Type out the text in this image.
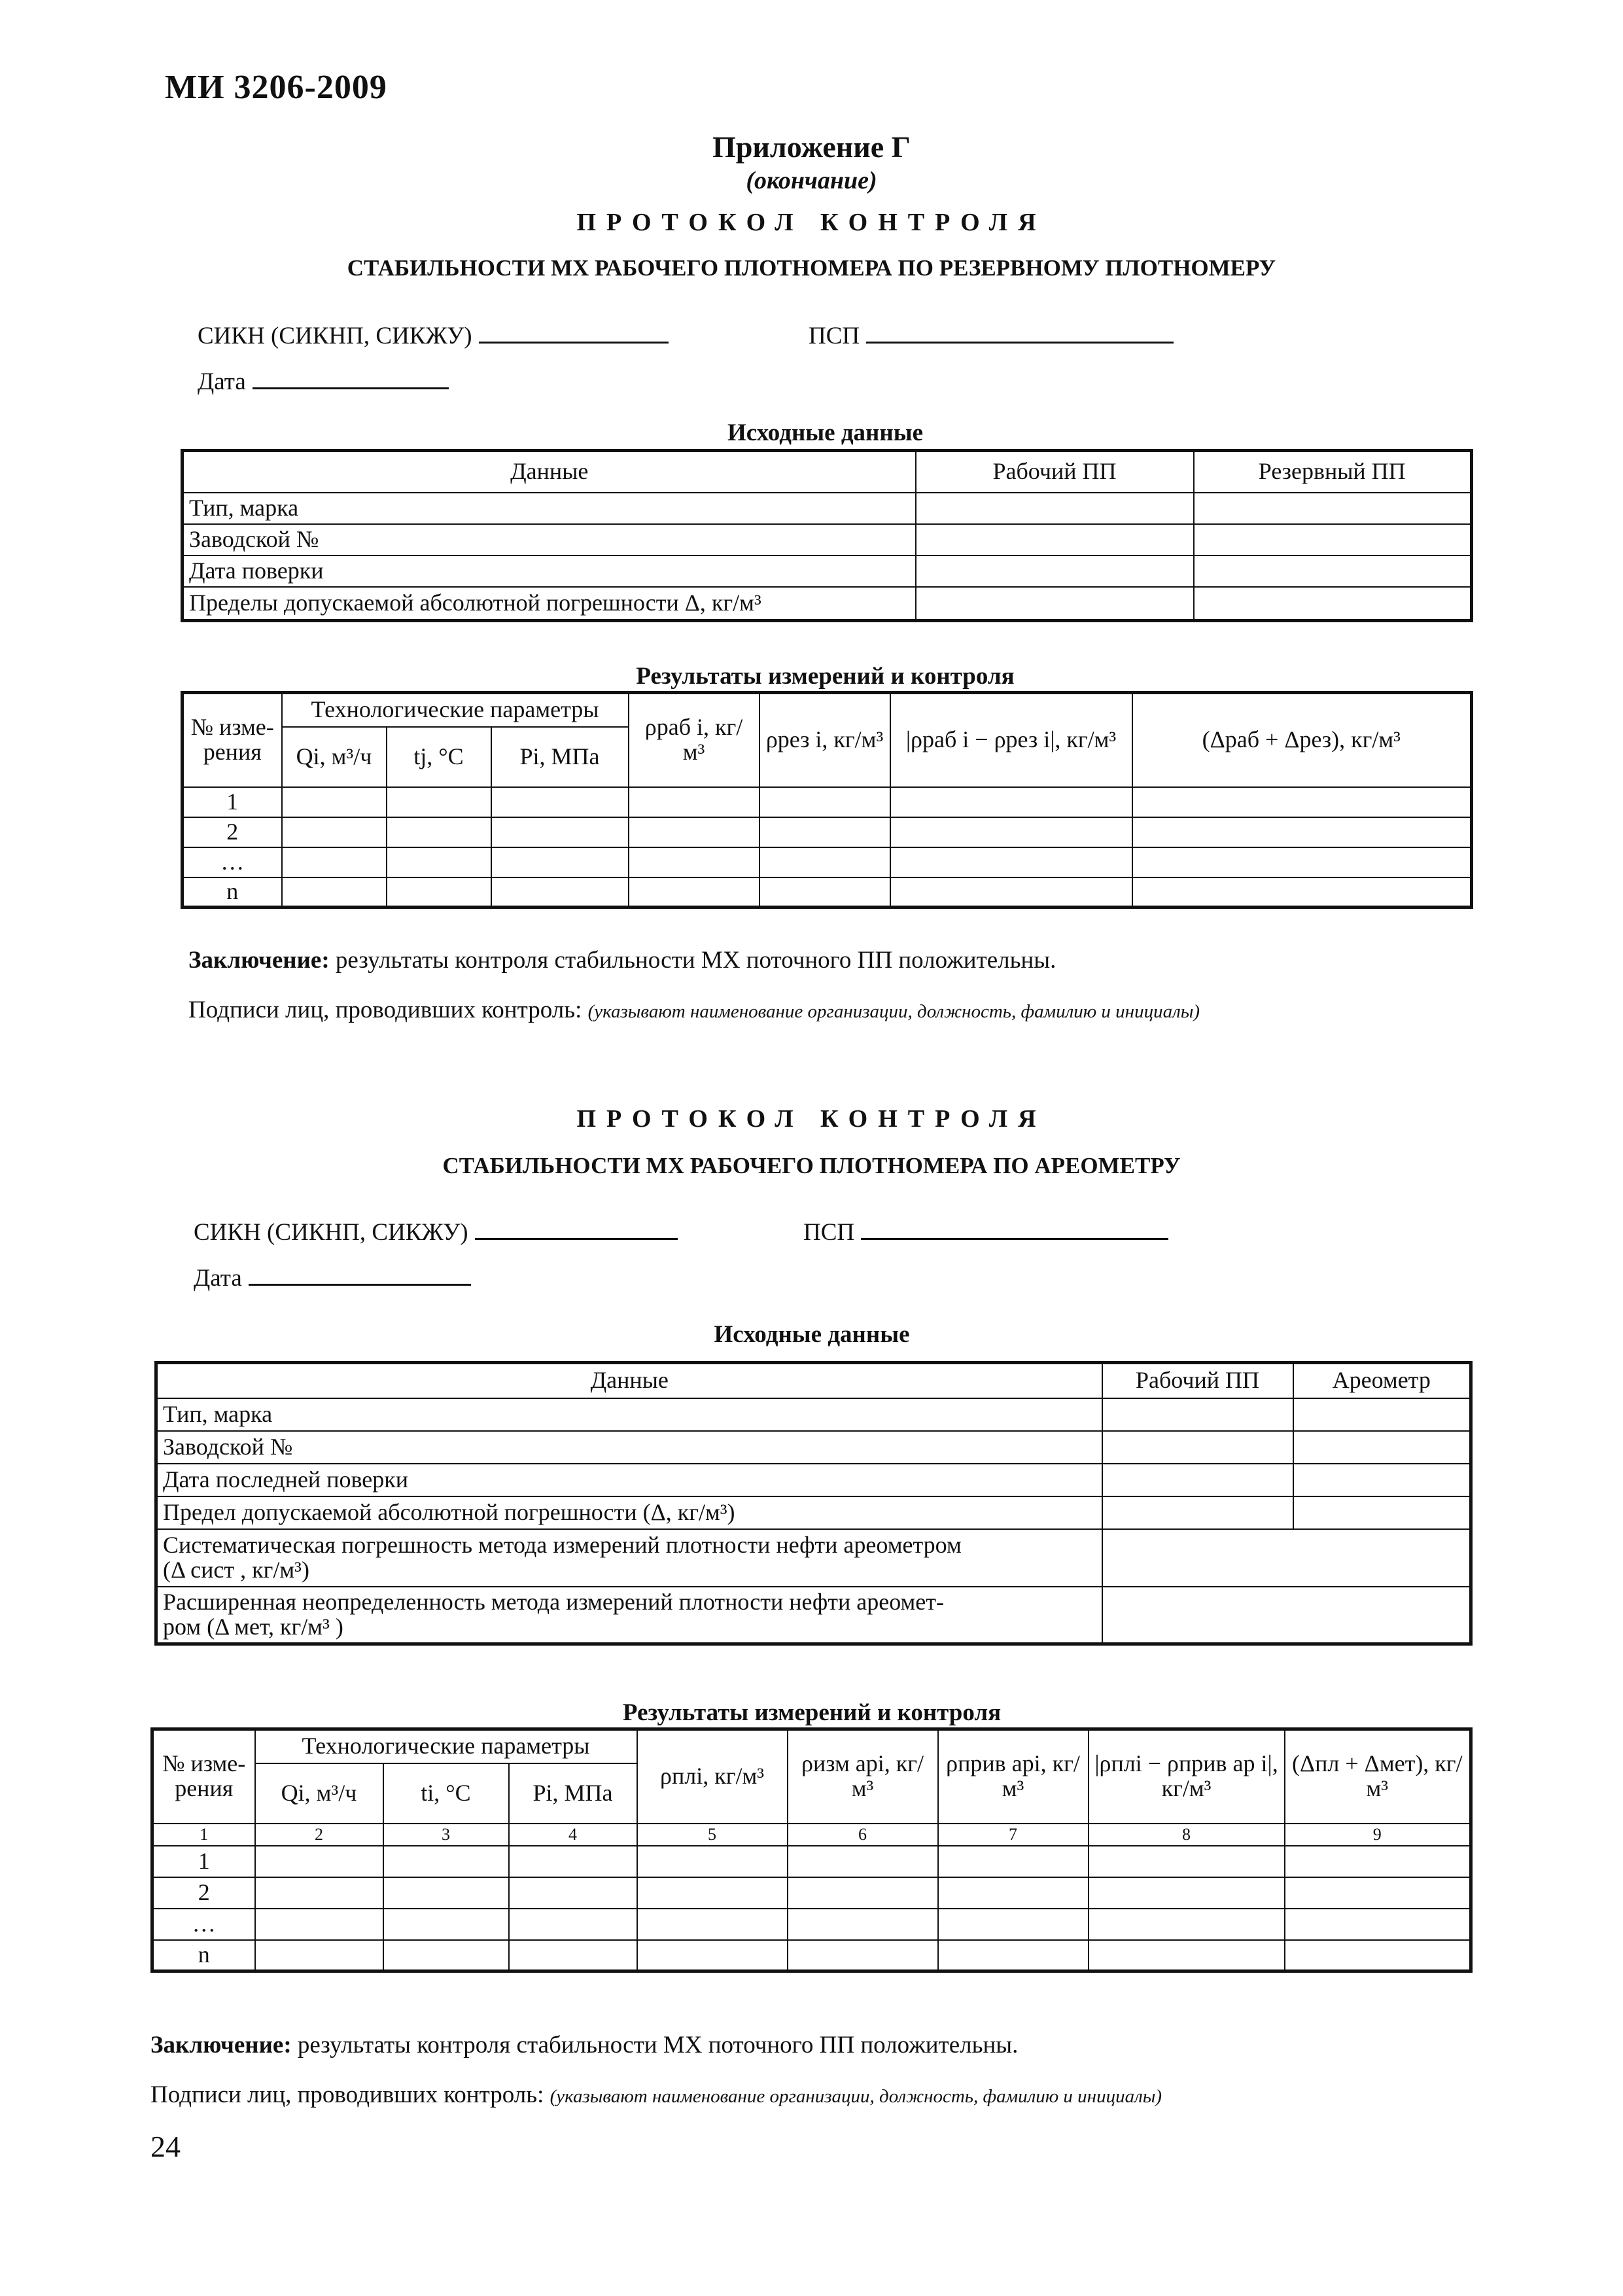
МИ 3206-2009
Приложение Г
(окончание)
ПРОТОКОЛ КОНТРОЛЯ
СТАБИЛЬНОСТИ МХ РАБОЧЕГО ПЛОТНОМЕРА ПО РЕЗЕРВНОМУ ПЛОТНОМЕРУ
СИКН (СИКНП, СИКЖУ)	ПСП
Дата
Исходные данные
Данные	Рабочий ПП	Резервный ПП
Тип, марка		
Заводской №		
Дата поверки		
Пределы допускаемой абсолютной погрешности Δ, кг/м³		
Результаты измерений и контроля
№ изме-рения	Технологические параметры			ρраб i, кг/м³	ρрез i, кг/м³	|ρраб i − ρрез i|, кг/м³	(Δраб + Δрез), кг/м³
	Qi, м³/ч	tj, °C	Pi, МПа				
1							
2							
…							
n							
Заключение: результаты контроля стабильности МХ поточного ПП положительны.
Подписи лиц, проводивших контроль: (указывают наименование организации, должность, фамилию и инициалы)
ПРОТОКОЛ КОНТРОЛЯ
СТАБИЛЬНОСТИ МХ РАБОЧЕГО ПЛОТНОМЕРА ПО АРЕОМЕТРУ
СИКН (СИКНП, СИКЖУ)	ПСП
Дата
Исходные данные
Данные	Рабочий ПП	Ареометр
Тип, марка		
Заводской №		
Дата последней поверки		
Предел допускаемой абсолютной погрешности (Δ, кг/м³)		

Систематическая погрешность метода измерений плотности нефти ареометром
(Δ сист , кг/м³)		

Расширенная неопределенность метода измерений плотности нефти ареомет-
ром (Δ мет, кг/м³ )		

Результаты измерений и контроля
№ изме-рения	Технологические параметры			ρплi, кг/м³	ρизм арi, кг/м³	ρприв арi, кг/м³	|ρплi − ρприв ар i|, кг/м³	(Δпл + Δмет), кг/м³
	Qi, м³/ч	ti, °C	Pi, МПа					
1	2	3	4	5	6	7	8	9
1								
2								
…								
n								
Заключение: результаты контроля стабильности МХ поточного ПП положительны.
Подписи лиц, проводивших контроль: (указывают наименование организации, должность, фамилию и инициалы)
24
